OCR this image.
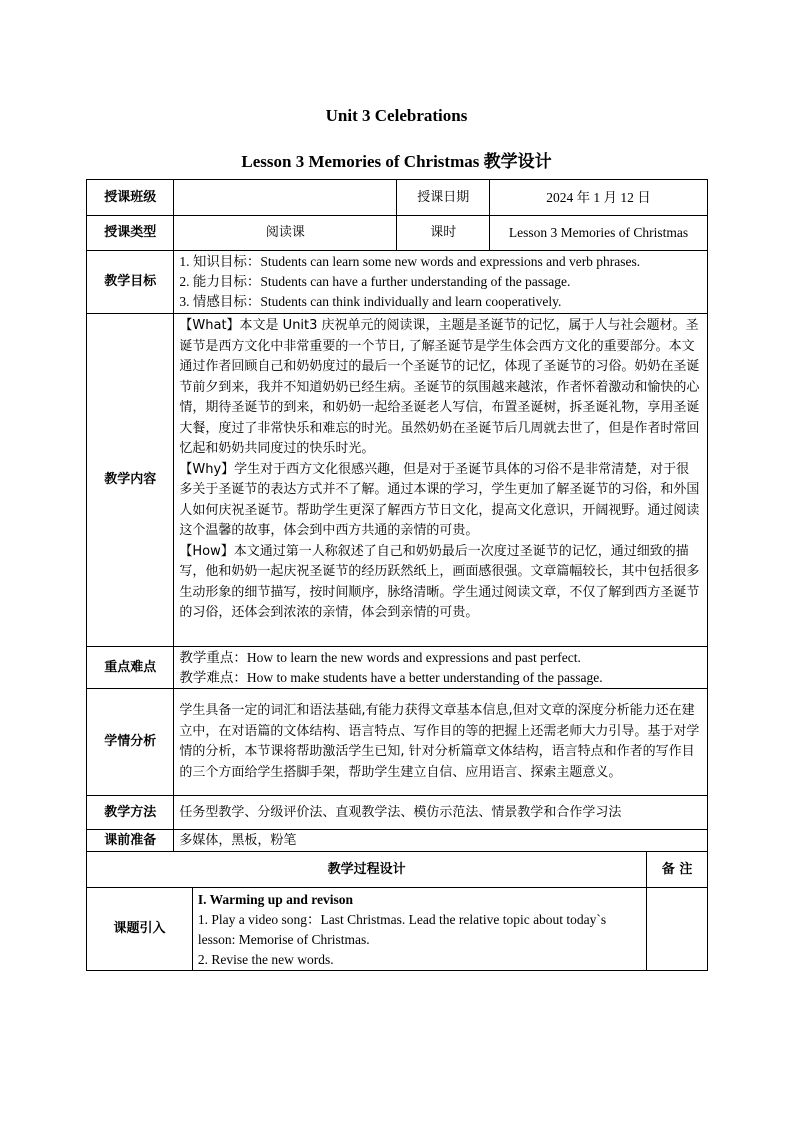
Unit 3 Celebrations
Lesson 3 Memories of Christmas 教学设计
授课班级			授课日期	2024 年 1 月 12 日	
授课类型	阅读课		课时	Lesson 3 Memories of Christmas	
教学目标	1. 知识目标：Students can learn some new words and expressions and verb phrases.
2. 能力目标：Students can have a further understanding of the passage.
3. 情感目标：Students can think individually and learn cooperatively.				

教学内容	【What】本文是 Unit3 庆祝单元的阅读课，主题是圣诞节的记忆，属于人与社会题材。圣诞节是西方文化中非常重要的一个节日, 了解圣诞节是学生体会西方文化的重要部分。本文通过作者回顾自己和奶奶度过的最后一个圣诞节的记忆，体现了圣诞节的习俗。奶奶在圣诞节前夕到来，我并不知道奶奶已经生病。圣诞节的氛围越来越浓，作者怀着激动和愉快的心情，期待圣诞节的到来，和奶奶一起给圣诞老人写信，布置圣诞树，拆圣诞礼物，享用圣诞大餐，度过了非常快乐和难忘的时光。虽然奶奶在圣诞节后几周就去世了，但是作者时常回忆起和奶奶共同度过的快乐时光。
【Why】学生对于西方文化很感兴趣，但是对于圣诞节具体的习俗不是非常清楚，对于很多关于圣诞节的表达方式并不了解。通过本课的学习，学生更加了解圣诞节的习俗，和外国人如何庆祝圣诞节。帮助学生更深了解西方节日文化，提高文化意识，开阔视野。通过阅读这个温馨的故事，体会到中西方共通的亲情的可贵。
【How】本文通过第一人称叙述了自己和奶奶最后一次度过圣诞节的记忆，通过细致的描写，他和奶奶一起庆祝圣诞节的经历跃然纸上，画面感很强。文章篇幅较长，其中包括很多生动形象的细节描写，按时间顺序，脉络清晰。学生通过阅读文章，不仅了解到西方圣诞节的习俗，还体会到浓浓的亲情，体会到亲情的可贵。				

重点难点	教学重点：How to learn the new words and expressions and past perfect.
教学难点：How to make students have a better understanding of the passage.				

学情分析	学生具备一定的词汇和语法基础,有能力获得文章基本信息,但对文章的深度分析能力还在建立中，在对语篇的文体结构、语言特点、写作目的等的把握上还需老师大力引导。基于对学情的分析，本节课将帮助激活学生已知, 针对分析篇章文体结构，语言特点和作者的写作目的三个方面给学生搭脚手架，帮助学生建立自信、应用语言、探索主题意义。				

教学方法	任务型教学、分级评价法、直观教学法、模仿示范法、情景教学和合作学习法				
课前准备	多媒体，黑板，粉笔				
教学过程设计					备 注
课题引入		I. Warming up and revison
1. Play a video song：Last Christmas. Lead the relative topic about today`s lesson: Memorise of Christmas.
2. Revise the new words.			
